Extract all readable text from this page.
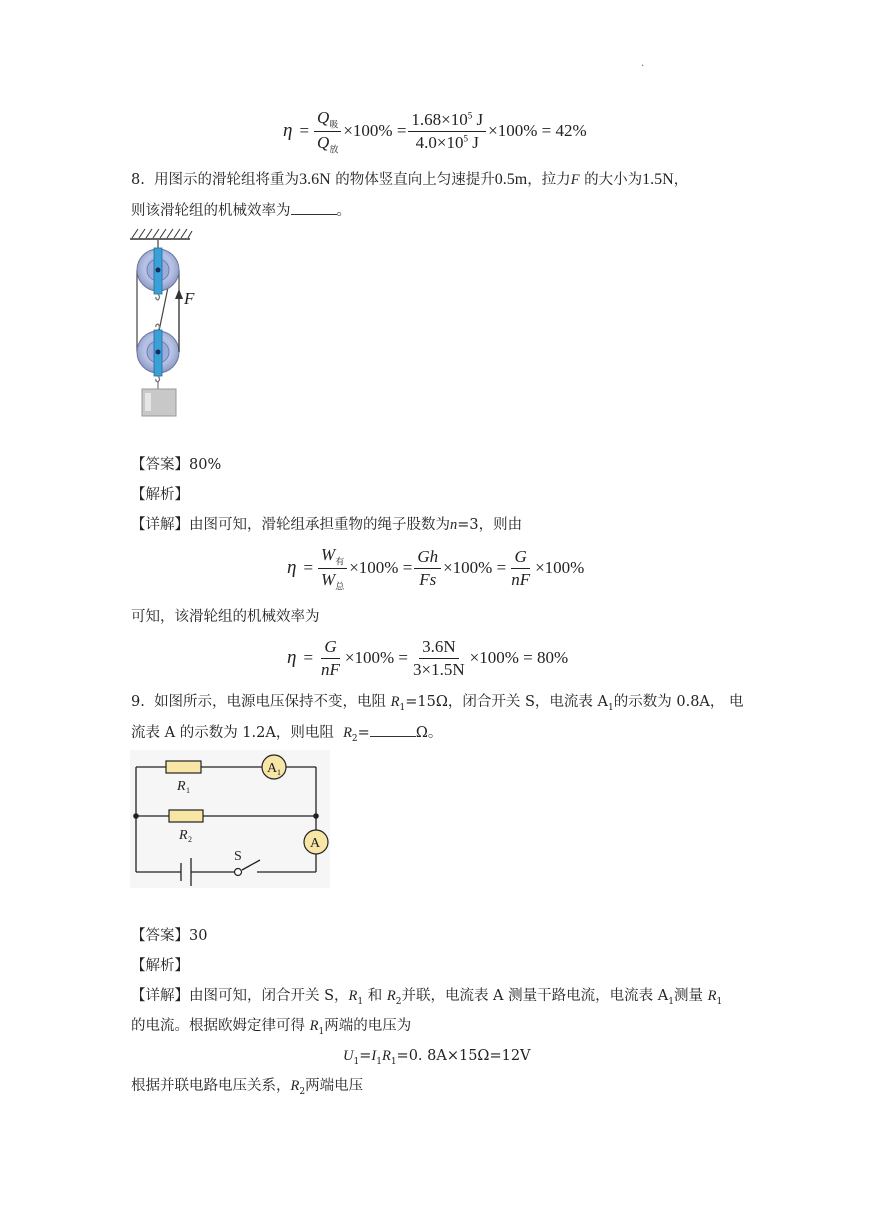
.
$\eta = \frac{Q_吸}{Q_放} \times 100\% = \frac{1.68\times 10^5 J}{4.0\times 10^5 J} \times 100\% = 42\%$
8. 用图示的滑轮组将重为3.6N 的物体竖直向上匀速提升0.5m，拉力F 的大小为1.5N，
则该滑轮组的机械效率为	。
F
【答案】80%
【解析】
【详解】由图可知，滑轮组承担重物的绳子股数为n=3，则由
$\eta = \frac{W_有}{W_总} \times 100\% = \frac{Gh}{Fs} \times 100\% = \frac{G}{nF} \times 100\%$
可知，该滑轮组的机械效率为
$\eta = \frac{G}{nF} \times 100\% = \frac{3.6N}{3\times 1.5N} \times 100\% = 80\%$
9. 如图所示，电源电压保持不变，电阻 $R_1=15\Omega$，闭合开关 S，电流表 $A_1$的示数为 0.8A， 电
流表 A 的示数为 1.2A，则电阻 $R_2=$	Ω。
A 1
A
R 1
R 2
S
【答案】30
【解析】
【详解】由图可知，闭合开关 S，$R_1$ 和 $R_2$并联，电流表 A 测量干路电流，电流表 $A_1$测量 $R_1$
的电流。根据欧姆定律可得 $R_1$两端的电压为
$U_1=I_1R_1=0$. 8A×15Ω=12V
根据并联电路电压关系，$R_2$两端电压
